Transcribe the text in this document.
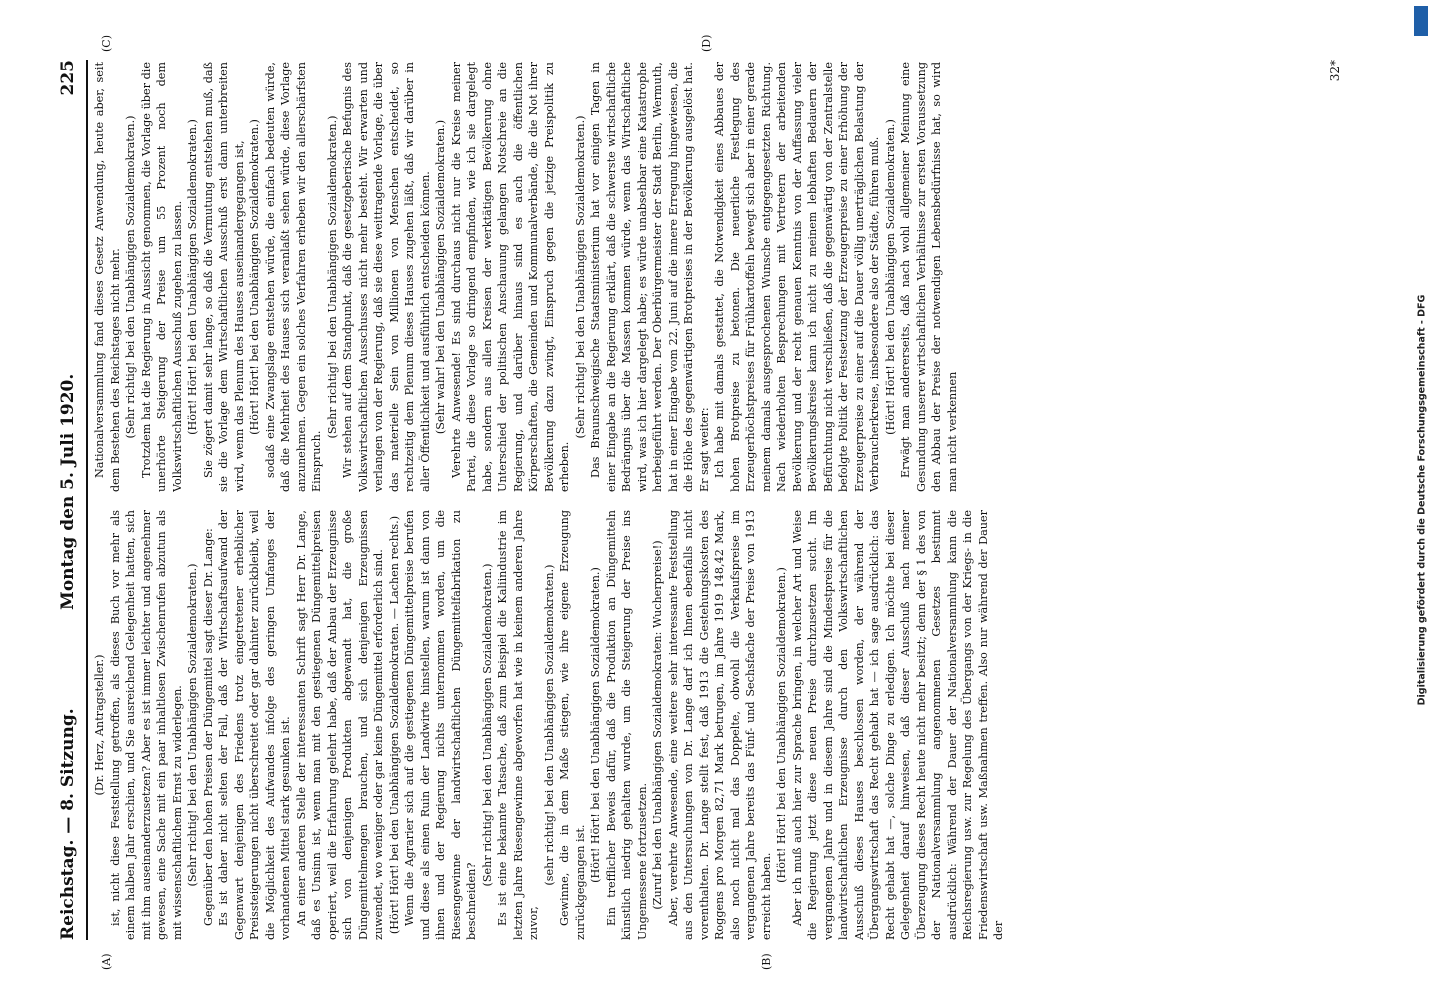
Reichstag. — 8. Sitzung.
Montag den 5. Juli 1920.
225
(A)	(B)
(C)	(D)

(Dr. Herz, Antragsteller.) ist, nicht diese Feststellung getroffen, als dieses Buch vor mehr als einem halben Jahr erschien, und Sie ausreichend Gelegenheit hatten, sich mit ihm auseinanderzusetzen? Aber es ist immer leichter und angenehmer gewesen, eine Sache mit ein paar inhaltlosen Zwischenrufen abzutun als mit wissenschaftlichem Ernst zu widerlegen. (Sehr richtig! bei den Unabhängigen Sozialdemokraten.) Gegenüber den hohen Preisen der Düngemittel sagt dieser Dr. Lange: Es ist daher nicht selten der Fall, daß der Wirtschaftsaufwand der Gegenwart denjenigen des Friedens trotz eingetretener erheblicher Preissteigerungen nicht überschreitet oder gar dahinter zurückbleibt, weil die Möglichkeit des Aufwandes infolge des geringen Umfanges der vorhandenen Mittel stark gesunken ist. An einer anderen Stelle der interessanten Schrift sagt Herr Dr. Lange, daß es Unsinn ist, wenn man mit den gestiegenen Düngemittelpreisen operiert, weil die Erfahrung gelehrt habe, daß der Anbau der Erzeugnisse sich von denjenigen Produkten abgewandt hat, die große Düngemittelmengen brauchen, und sich denjenigen Erzeugnissen zuwendet, wo weniger oder gar keine Düngemittel erforderlich sind. (Hört! Hört! bei den Unabhängigen Sozialdemokraten. — Lachen rechts.) Wenn die Agrarier sich auf die gestiegenen Düngemittelpreise berufen und diese als einen Ruin der Landwirte hinstellen, warum ist dann von ihnen und der Regierung nichts unternommen worden, um die Riesengewinne der landwirtschaftlichen Düngemittelfabrikation zu beschneiden?

(Sehr richtig! bei den Unabhängigen Sozialdemokraten.) Es ist eine bekannte Tatsache, daß zum Beispiel die Kaliindustrie im letzten Jahre Riesengewinne abgeworfen hat wie in keinem anderen Jahre zuvor,

(sehr richtig! bei den Unabhängigen Sozialdemokraten.) Gewinne, die in dem Maße stiegen, wie ihre eigene Erzeugung zurückgegangen ist. (Hört! Hört! bei den Unabhängigen Sozialdemokraten.) Ein trefflicher Beweis dafür, daß die Produktion an Düngemitteln künstlich niedrig gehalten wurde, um die Steigerung der Preise ins Ungemessene fortzusetzen. (Zuruf bei den Unabhängigen Sozialdemokraten: Wucherpreise!) Aber, verehrte Anwesende, eine weitere sehr interessante Feststellung aus den Untersuchungen von Dr. Lange darf ich Ihnen ebenfalls nicht vorenthalten. Dr. Lange stellt fest, daß 1913 die Gestehungskosten des Roggens pro Morgen 82,71 Mark betrugen, im Jahre 1919 148,42 Mark, also noch nicht mal das Doppelte, obwohl die Verkaufspreise im vergangenen Jahre bereits das Fünf- und Sechsfache der Preise von 1913 erreicht haben.

(Hört! Hört! bei den Unabhängigen Sozialdemokraten.) Aber ich muß auch hier zur Sprache bringen, in welcher Art und Weise die Regierung jetzt diese neuen Preise durchzusetzen sucht. Im vergangenen Jahre und in diesem Jahre sind die Mindestpreise für die landwirtschaftlichen Erzeugnisse durch den Volkswirtschaftlichen Ausschuß dieses Hauses beschlossen worden, der während der Übergangswirtschaft das Recht gehabt hat — ich sage ausdrücklich: das Recht gehabt hat —, solche Dinge zu erledigen. Ich möchte bei dieser Gelegenheit darauf hinweisen, daß dieser Ausschuß nach meiner Überzeugung dieses Recht heute nicht mehr besitzt; denn der § 1 des von der Nationalversammlung angenommenen Gesetzes bestimmt ausdrücklich: Während der Dauer der Nationalversammlung kann die Reichsregierung usw. zur Regelung des Übergangs von der Kriegs- in die Friedenswirtschaft usw. Maßnahmen treffen. Also nur während der Dauer der

Nationalversammlung fand dieses Gesetz Anwendung, heute aber, seit dem Bestehen des Reichstages nicht mehr. (Sehr richtig! bei den Unabhängigen Sozialdemokraten.) Trotzdem hat die Regierung in Aussicht genommen, die Vorlage über die unerhörte Steigerung der Preise um 55 Prozent noch dem Volkswirtschaftlichen Ausschuß zugehen zu lassen. (Hört! Hört! bei den Unabhängigen Sozialdemokraten.) Sie zögert damit sehr lange, so daß die Vermutung entstehen muß, daß sie die Vorlage dem Wirtschaftlichen Ausschuß erst dann unterbreiten wird, wenn das Plenum des Hauses auseinandergegangen ist, (Hört! Hört! bei den Unabhängigen Sozialdemokraten.) sodaß eine Zwangslage entstehen würde, die einfach bedeuten würde, daß die Mehrheit des Hauses sich veranlaßt sehen würde, diese Vorlage anzunehmen. Gegen ein solches Verfahren erheben wir den allerschärfsten Einspruch.

(Sehr richtig! bei den Unabhängigen Sozialdemokraten.) Wir stehen auf dem Standpunkt, daß die gesetzgeberische Befugnis des Volkswirtschaftlichen Ausschusses nicht mehr besteht. Wir erwarten und verlangen von der Regierung, daß sie diese weittragende Vorlage, die über das materielle Sein von Millionen von Menschen entscheidet, so rechtzeitig dem Plenum dieses Hauses zugehen läßt, daß wir darüber in aller Öffentlichkeit und ausführlich entscheiden können. (Sehr wahr! bei den Unabhängigen Sozialdemokraten.) Verehrte Anwesende! Es sind durchaus nicht nur die Kreise meiner Partei, die diese Vorlage so dringend empfinden, wie ich sie dargelegt habe, sondern aus allen Kreisen der werktätigen Bevölkerung ohne Unterschied der politischen Anschauung gelangen Notschreie an die Regierung, und darüber hinaus sind es auch die öffentlichen Körperschaften, die Gemeinden und Kommunalverbände, die die Not ihrer Bevölkerung dazu zwingt, Einspruch gegen die jetzige Preispolitik zu erheben.

(Sehr richtig! bei den Unabhängigen Sozialdemokraten.) Das Braunschweigische Staatsministerium hat vor einigen Tagen in einer Eingabe an die Regierung erklärt, daß die schwerste wirtschaftliche Bedrängnis über die Massen kommen würde, wenn das Wirtschaftliche wird, was ich hier dargelegt habe; es würde unabsehbar eine Katastrophe herbeigeführt werden. Der Oberbürgermeister der Stadt Berlin, Wermuth, hat in einer Eingabe vom 22. Juni auf die innere Erregung hingewiesen, die die Höhe des gegenwärtigen Brotpreises in der Bevölkerung ausgelöst hat. Er sagt weiter: Ich habe mit damals gestattet, die Notwendigkeit eines Abbaues der hohen Brotpreise zu betonen. Die neuerliche Festlegung des Erzeugerhöchstpreises für Frühkartoffeln bewegt sich aber in einer gerade meinem damals ausgesprochenen Wunsche entgegengesetzten Richtung. Nach wiederholten Besprechungen mit Vertretern der arbeitenden Bevölkerung und der recht genauen Kenntnis von der Auffassung vieler Bevölkerungskreise kann ich nicht zu meinem lebhaften Bedauern der Befürchtung nicht verschließen, daß die gegenwärtig von der Zentralstelle befolgte Politik der Festsetzung der Erzeugerpreise zu einer Erhöhung der Erzeugerpreise zu einer auf die Dauer völlig unerträglichen Belastung der Verbraucherkreise, insbesondere also der Städte, führen muß. (Hört! Hört! bei den Unabhängigen Sozialdemokraten.) Erwägt man andererseits, daß nach wohl allgemeiner Meinung eine Gesundung unserer wirtschaftlichen Verhältnisse zur ersten Voraussetzung den Abbau der Preise der notwendigen Lebensbedürfnisse hat, so wird man nicht verkennen

32*
Digitalisierung gefördert durch die Deutsche Forschungsgemeinschaft - DFG
